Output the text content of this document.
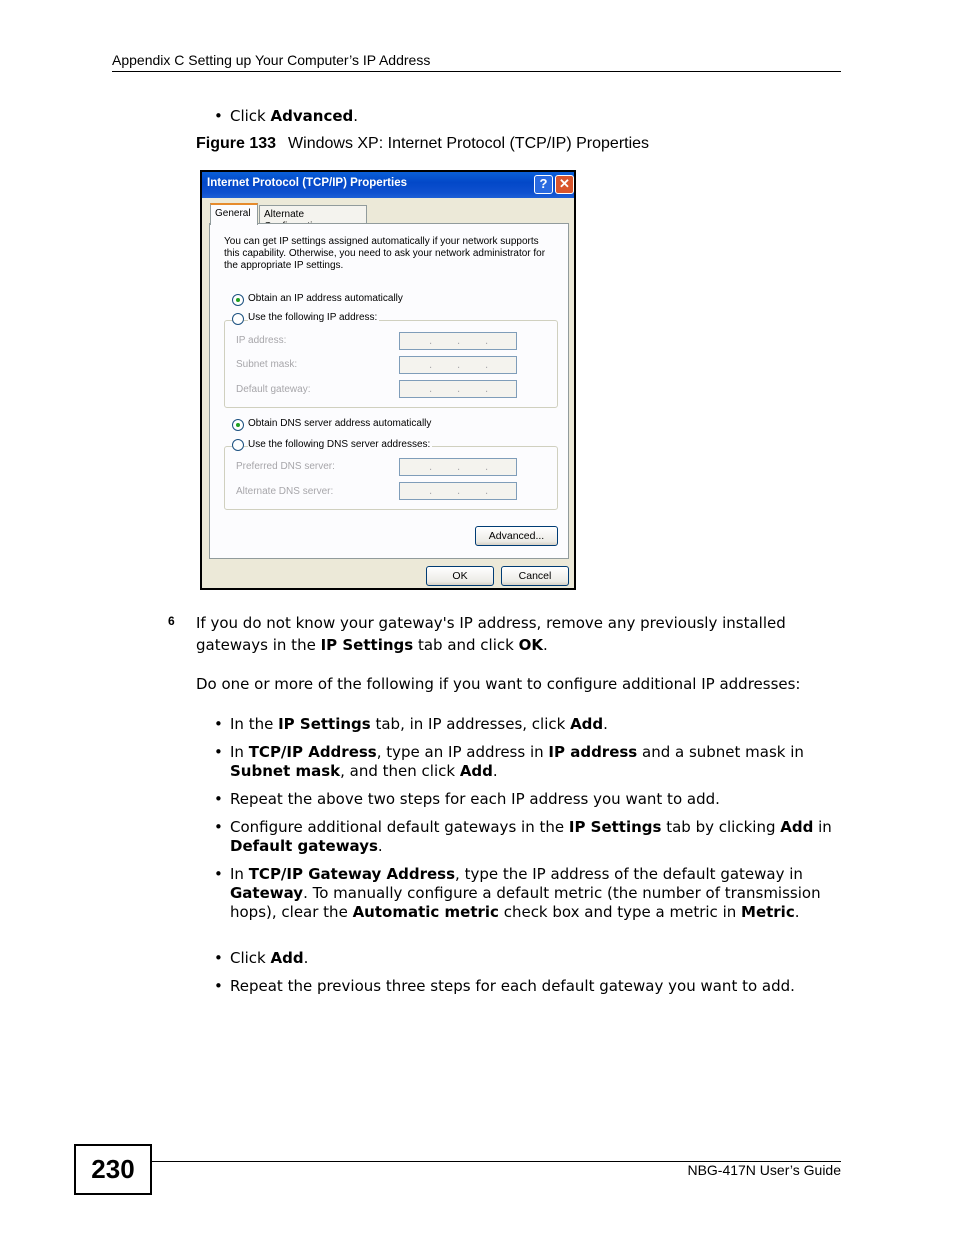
Appendix C Setting up Your Computer’s IP Address
• Click Advanced.
Figure 133 Windows XP: Internet Protocol (TCP/IP) Properties
Internet Protocol (TCP/IP) Properties	? ✕
Alternate
You can get IP settings assigned automatically if your network supports this capability. Otherwise, you need to ask your network administrator for the appropriate IP settings.
Obtain an IP address automatically
Use the following IP address:
IP address:	. . .
Subnet mask:	. . .
Default gateway:	. . .
Obtain DNS server address automatically
Use the following DNS server addresses:
Preferred DNS server:	. . .
Alternate DNS server:	. . .
Advanced...
General
OK	Cancel
6 If you do not know your gateway's IP address, remove any previously installed gateways in the IP Settings tab and click OK.
Do one or more of the following if you want to configure additional IP addresses:
• In the IP Settings tab, in IP addresses, click Add.
• In TCP/IP Address, type an IP address in IP address and a subnet mask in Subnet mask, and then click Add.
• Repeat the above two steps for each IP address you want to add.
• Configure additional default gateways in the IP Settings tab by clicking Add in Default gateways.
• In TCP/IP Gateway Address, type the IP address of the default gateway in Gateway. To manually configure a default metric (the number of transmission hops), clear the Automatic metric check box and type a metric in Metric.
• Click Add.
• Repeat the previous three steps for each default gateway you want to add.
230	NBG-417N User’s Guide
